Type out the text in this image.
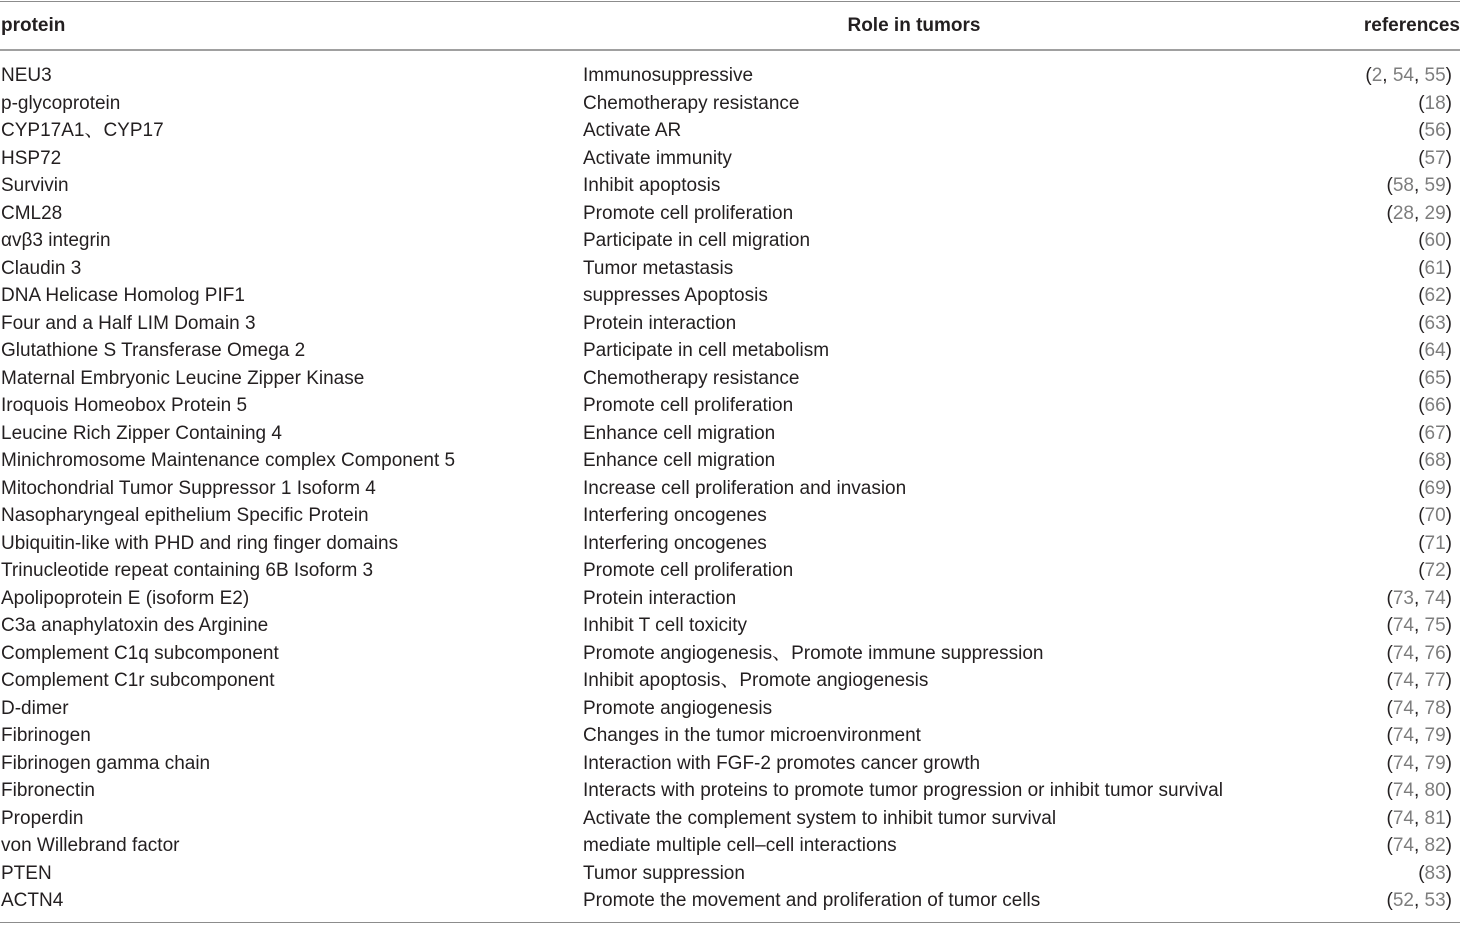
protein	Role in tumors	references
NEU3	Immunosuppressive	(2, 54, 55)
p-glycoprotein	Chemotherapy resistance	(18)
CYP17A1、CYP17	Activate AR	(56)
HSP72	Activate immunity	(57)
Survivin	Inhibit apoptosis	(58, 59)
CML28	Promote cell proliferation	(28, 29)
αvβ3 integrin	Participate in cell migration	(60)
Claudin 3	Tumor metastasis	(61)
DNA Helicase Homolog PIF1	suppresses Apoptosis	(62)
Four and a Half LIM Domain 3	Protein interaction	(63)
Glutathione S Transferase Omega 2	Participate in cell metabolism	(64)
Maternal Embryonic Leucine Zipper Kinase	Chemotherapy resistance	(65)
Iroquois Homeobox Protein 5	Promote cell proliferation	(66)
Leucine Rich Zipper Containing 4	Enhance cell migration	(67)
Minichromosome Maintenance complex Component 5	Enhance cell migration	(68)
Mitochondrial Tumor Suppressor 1 Isoform 4	Increase cell proliferation and invasion	(69)
Nasopharyngeal epithelium Specific Protein	Interfering oncogenes	(70)
Ubiquitin-like with PHD and ring finger domains	Interfering oncogenes	(71)
Trinucleotide repeat containing 6B Isoform 3	Promote cell proliferation	(72)
Apolipoprotein E (isoform E2)	Protein interaction	(73, 74)
C3a anaphylatoxin des Arginine	Inhibit T cell toxicity	(74, 75)
Complement C1q subcomponent	Promote angiogenesis、Promote immune suppression	(74, 76)
Complement C1r subcomponent	Inhibit apoptosis、Promote angiogenesis	(74, 77)
D-dimer	Promote angiogenesis	(74, 78)
Fibrinogen	Changes in the tumor microenvironment	(74, 79)
Fibrinogen gamma chain	Interaction with FGF-2 promotes cancer growth	(74, 79)
Fibronectin	Interacts with proteins to promote tumor progression or inhibit tumor survival	(74, 80)
Properdin	Activate the complement system to inhibit tumor survival	(74, 81)
von Willebrand factor	mediate multiple cell–cell interactions	(74, 82)
PTEN	Tumor suppression	(83)
ACTN4	Promote the movement and proliferation of tumor cells	(52, 53)
